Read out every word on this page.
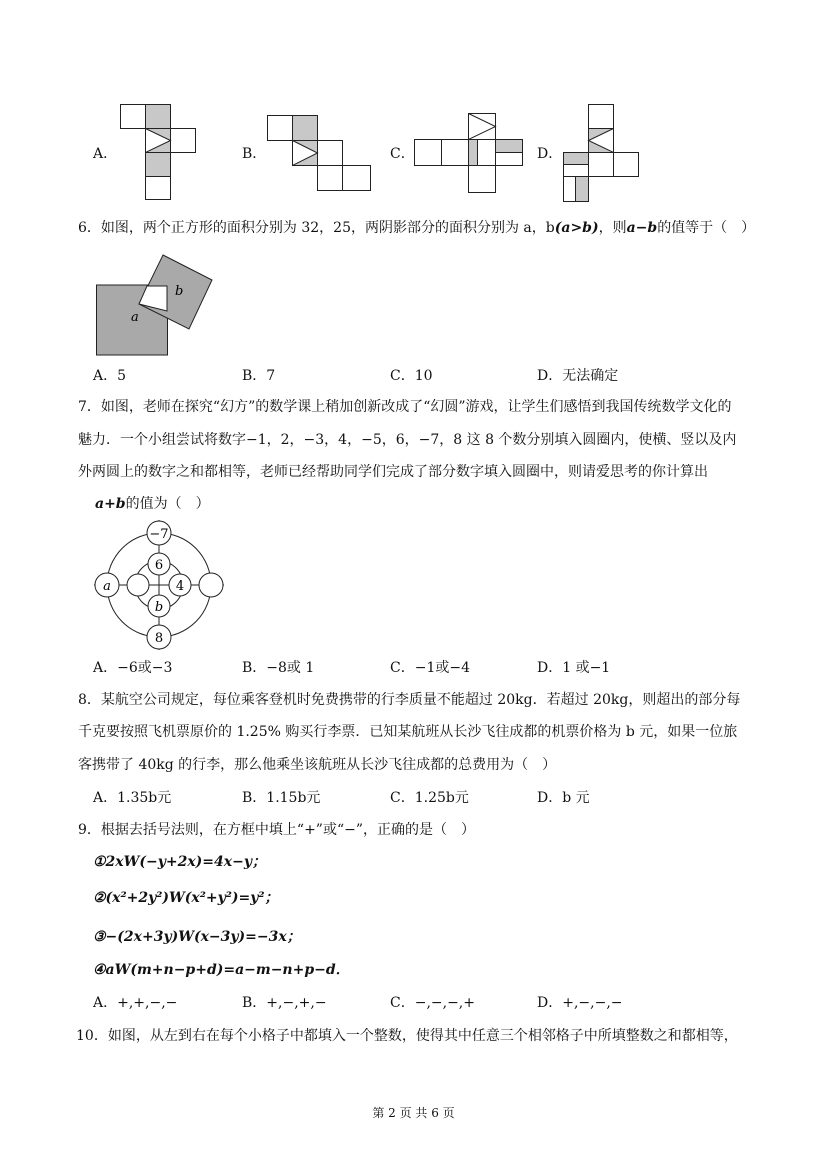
A．	B．	C．	D．
6．如图，两个正方形的面积分别为 32，25，两阴影部分的面积分别为 a，b(a>b)，则a−b的值等于（　）
a
b
A．5	B．7	C．10	D．无法确定
7．如图，老师在探究“幻方”的数学课上稍加创新改成了“幻圆”游戏，让学生们感悟到我国传统数学文化的
魅力．一个小组尝试将数字−1，2，−3，4，−5，6，−7，8 这 8 个数分别填入圆圈内，使横、竖以及内
外两圆上的数字之和都相等，老师已经帮助同学们完成了部分数字填入圆圈中，则请爱思考的你计算出
a+b的值为（　）
−7
6
4
a
b
8
A．−6或−3	B．−8或 1	C．−1或−4	D．1 或−1
8．某航空公司规定，每位乘客登机时免费携带的行李质量不能超过 20kg．若超过 20kg，则超出的部分每
千克要按照飞机票原价的 1.25% 购买行李票．已知某航班从长沙飞往成都的机票价格为 b 元，如果一位旅
客携带了 40kg 的行李，那么他乘坐该航班从长沙飞往成都的总费用为（　）
A．1.35b元	B．1.15b元	C．1.25b元	D．b 元
9．根据去括号法则，在方框中填上“+”或“−”，正确的是（　）
①2xW(−y+2x)=4x−y；
②(x²+2y²)W(x²+y²)=y²；
③−(2x+3y)W(x−3y)=−3x；
④aW(m+n−p+d)=a−m−n+p−d．
A．+,+,−,−	B．+,−,+,−	C．−,−,−,+	D．+,−,−,−
10．如图，从左到右在每个小格子中都填入一个整数，使得其中任意三个相邻格子中所填整数之和都相等，
第 2 页 共 6 页
